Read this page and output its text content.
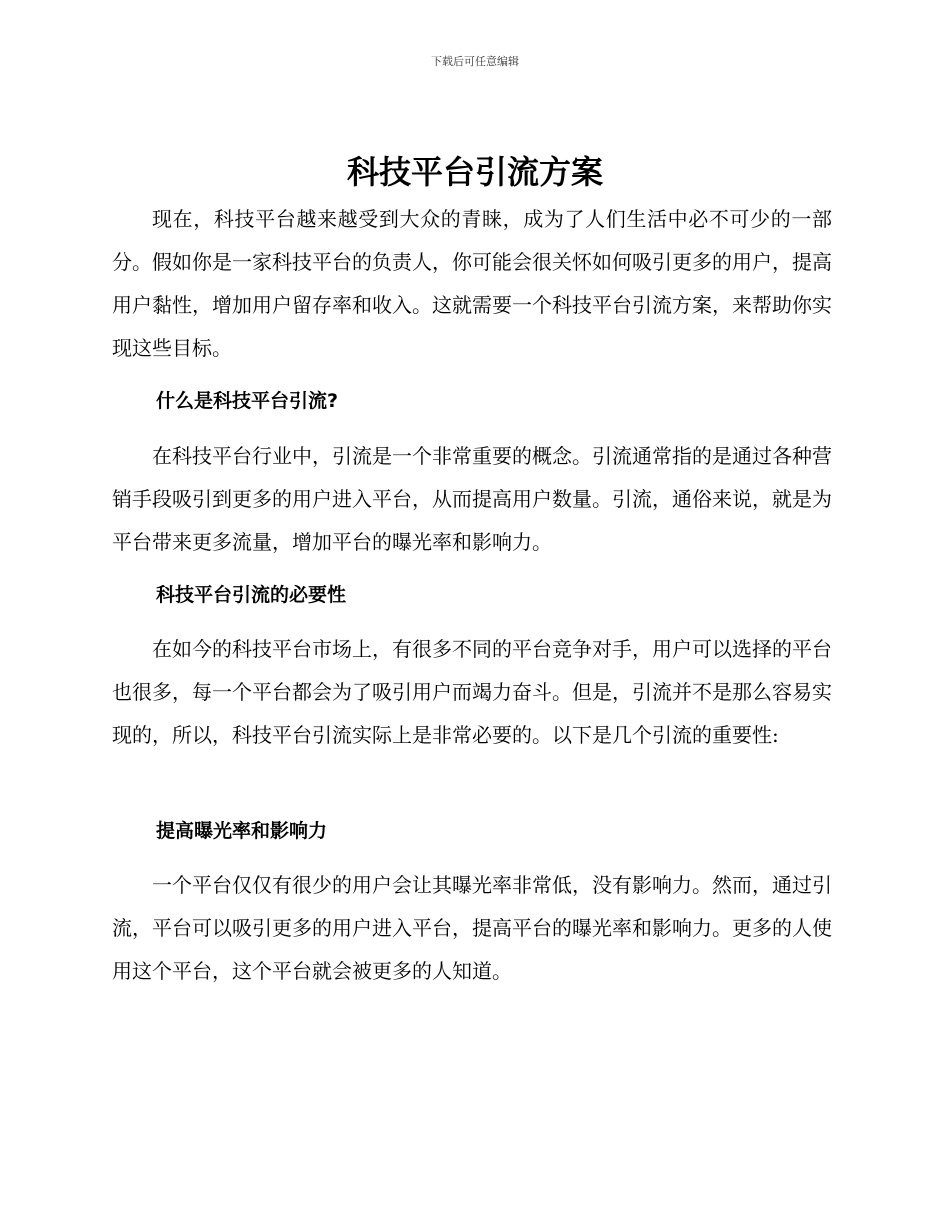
下载后可任意编辑
科技平台引流方案

现在，科技平台越来越受到大众的青睐，成为了人们生活中必不可少的一部分。假如你是一家科技平台的负责人，你可能会很关怀如何吸引更多的用户，提高用户黏性，增加用户留存率和收入。这就需要一个科技平台引流方案，来帮助你实现这些目标。

什么是科技平台引流?

在科技平台行业中，引流是一个非常重要的概念。引流通常指的是通过各种营销手段吸引到更多的用户进入平台，从而提高用户数量。引流，通俗来说，就是为平台带来更多流量，增加平台的曝光率和影响力。

科技平台引流的必要性

在如今的科技平台市场上，有很多不同的平台竞争对手，用户可以选择的平台也很多，每一个平台都会为了吸引用户而竭力奋斗。但是，引流并不是那么容易实现的，所以，科技平台引流实际上是非常必要的。以下是几个引流的重要性:

提高曝光率和影响力

一个平台仅仅有很少的用户会让其曝光率非常低，没有影响力。然而，通过引流，平台可以吸引更多的用户进入平台，提高平台的曝光率和影响力。更多的人使用这个平台，这个平台就会被更多的人知道。
